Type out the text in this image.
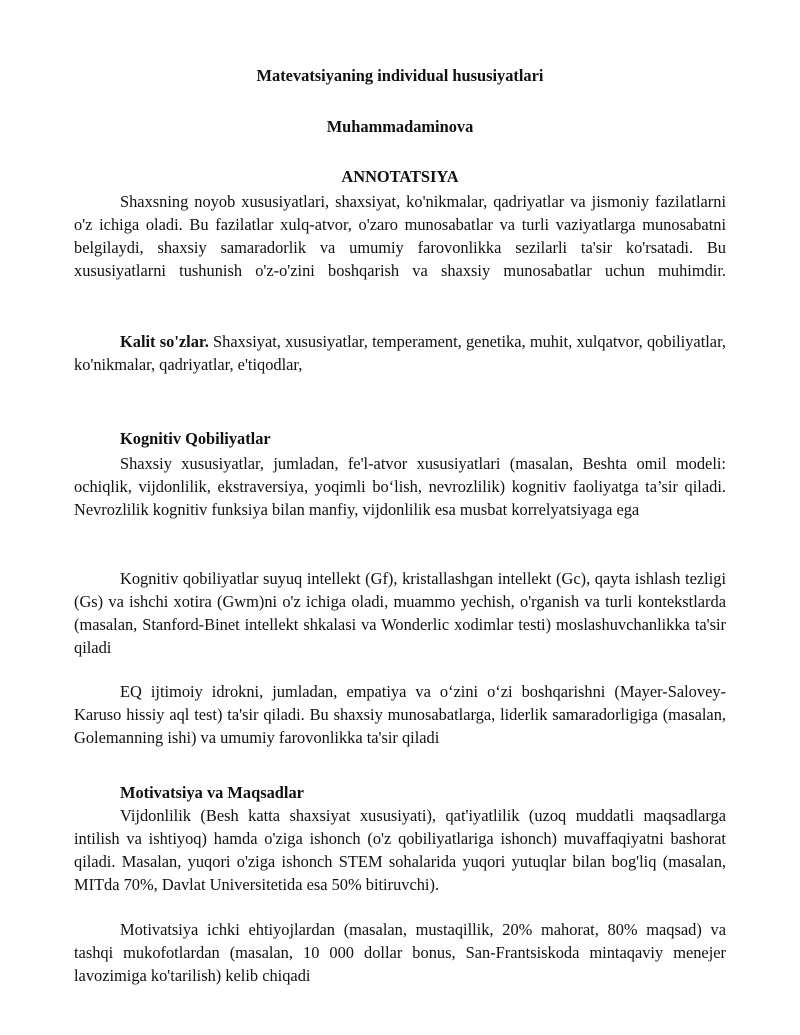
Matevatsiyaning individual hususiyatlari
Muhammadaminova
ANNOTATSIYA

Shaxsning noyob xususiyatlari, shaxsiyat, ko'nikmalar, qadriyatlar va jismoniy fazilatlarni o'z ichiga oladi. Bu fazilatlar xulq-atvor, o'zaro munosabatlar va turli vaziyatlarga munosabatni belgilaydi, shaxsiy samaradorlik va umumiy farovonlikka sezilarli ta'sir ko'rsatadi. Bu xususiyatlarni tushunish o'z-o'zini boshqarish va shaxsiy munosabatlar uchun muhimdir.

Kalit so'zlar. Shaxsiyat, xususiyatlar, temperament, genetika, muhit, xulqatvor, qobiliyatlar, ko'nikmalar, qadriyatlar, e'tiqodlar,

Kognitiv Qobiliyatlar

Shaxsiy xususiyatlar, jumladan, fe'l-atvor xususiyatlari (masalan, Beshta omil modeli: ochiqlik, vijdonlilik, ekstraversiya, yoqimli bo‘lish, nevrozlilik) kognitiv faoliyatga ta’sir qiladi. Nevrozlilik kognitiv funksiya bilan manfiy, vijdonlilik esa musbat korrelyatsiyaga ega

Kognitiv qobiliyatlar suyuq intellekt (Gf), kristallashgan intellekt (Gc), qayta ishlash tezligi (Gs) va ishchi xotira (Gwm)ni o'z ichiga oladi, muammo yechish, o'rganish va turli kontekstlarda (masalan, Stanford-Binet intellekt shkalasi va Wonderlic xodimlar testi) moslashuvchanlikka ta'sir qiladi

EQ ijtimoiy idrokni, jumladan, empatiya va o‘zini o‘zi boshqarishni (Mayer-Salovey-Karuso hissiy aql test) ta'sir qiladi. Bu shaxsiy munosabatlarga, liderlik samaradorligiga (masalan, Golemanning ishi) va umumiy farovonlikka ta'sir qiladi

Motivatsiya va Maqsadlar

Vijdonlilik (Besh katta shaxsiyat xususiyati), qat'iyatlilik (uzoq muddatli maqsadlarga intilish va ishtiyoq) hamda o'ziga ishonch (o'z qobiliyatlariga ishonch) muvaffaqiyatni bashorat qiladi. Masalan, yuqori o'ziga ishonch STEM sohalarida yuqori yutuqlar bilan bog'liq (masalan, MITda 70%, Davlat Universitetida esa 50% bitiruvchi).

Motivatsiya ichki ehtiyojlardan (masalan, mustaqillik, 20% mahorat, 80% maqsad) va tashqi mukofotlardan (masalan, 10 000 dollar bonus, San-Frantsiskoda mintaqaviy menejer lavozimiga ko'tarilish) kelib chiqadi
